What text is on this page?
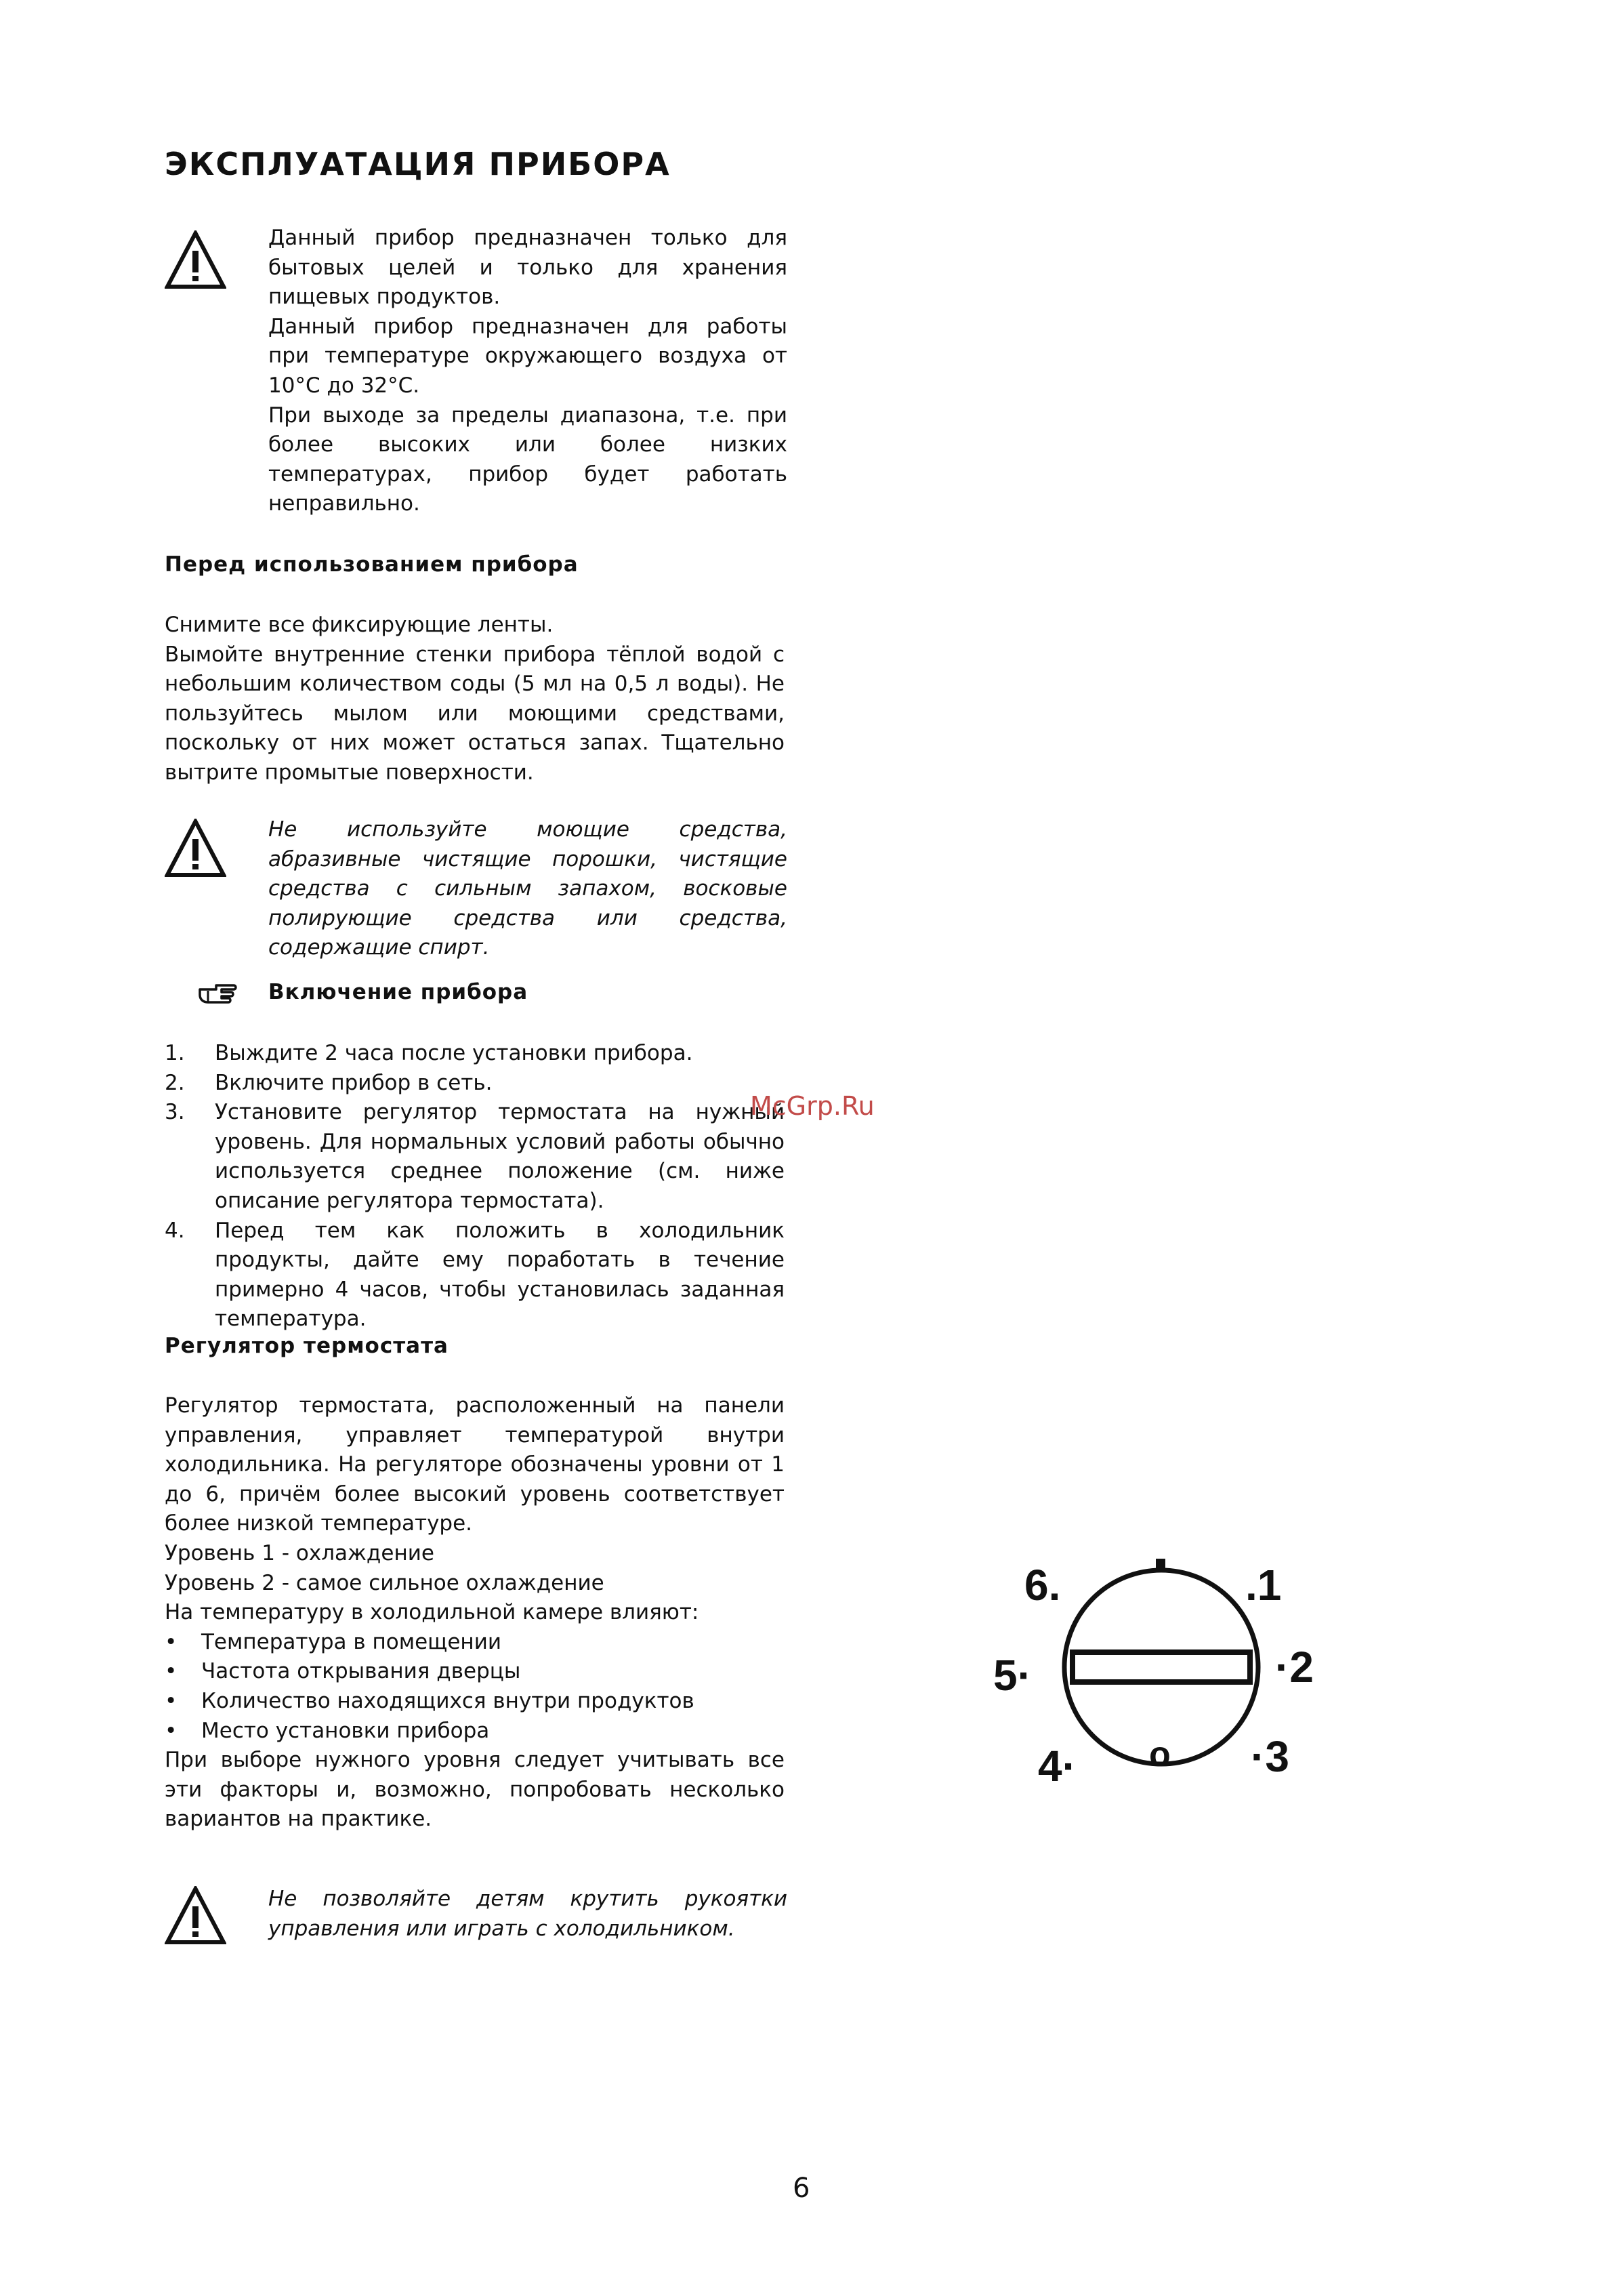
ЭКСПЛУАТАЦИЯ ПРИБОРА

Данный прибор предназначен только для бытовых целей и только для хранения пищевых продуктов.

Данный прибор предназначен для работы при температуре окружающего воздуха от 10°C до 32°C.

При выходе за пределы диапазона, т.е. при более высоких или более низких температурах, прибор будет работать неправильно.

Перед использованием прибора

Снимите все фиксирующие ленты.

Вымойте внутренние стенки прибора тёплой водой с небольшим количеством соды (5 мл на 0,5 л воды). Не пользуйтесь мылом или моющими средствами, поскольку от них может остаться запах. Тщательно вытрите промытые поверхности.

Не используйте моющие средства, абразивные чистящие порошки, чистящие средства с сильным запахом, восковые полирующие средства или средства, содержащие спирт.

Включение прибора
1. Выждите 2 часа после установки прибора.
2. Включите прибор в сеть.
3. Установите регулятор термостата на нужный уровень. Для нормальных условий работы обычно используется среднее положение (см. ниже описание регулятора термостата).
4. Перед тем как положить в холодильник продукты, дайте ему поработать в течение примерно 4 часов, чтобы установилась заданная температура.
McGrp.Ru
Регулятор термостата

Регулятор термостата, расположенный на панели управления, управляет температурой внутри холодильника. На регуляторе обозначены уровни от 1 до 6, причём более высокий уровень соответствует более низкой температуре.

Уровень 1 - охлаждение

Уровень 2 - самое сильное охлаждение

На температуру в холодильной камере влияют:

• Температура в помещении
• Частота открывания дверцы
• Количество находящихся внутри продуктов
• Место установки прибора

При выборе нужного уровня следует учитывать все эти факторы и, возможно, попробовать несколько вариантов на практике.

6.	.1
5·	·2
4·	·3
o

Не позволяйте детям крутить рукоятки управления или играть с холодильником.

6
